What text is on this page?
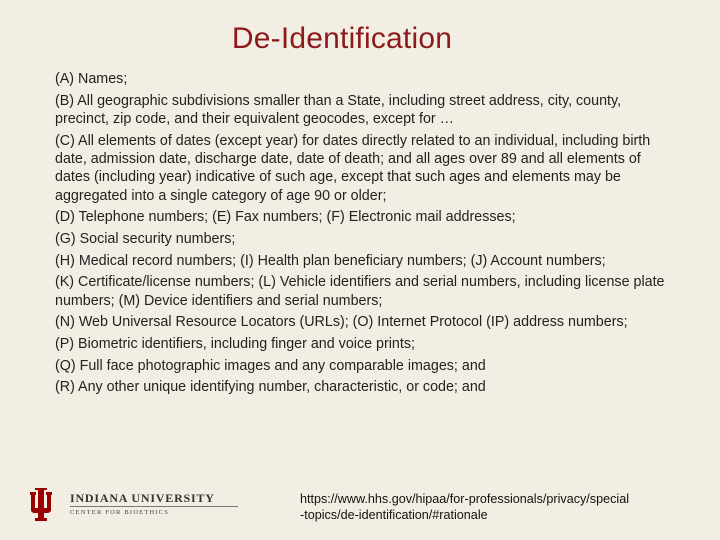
De-Identification
(A) Names;
(B) All geographic subdivisions smaller than a State, including street address, city, county, precinct, zip code, and their equivalent geocodes, except for …
(C) All elements of dates (except year) for dates directly related to an individual, including birth date, admission date, discharge date, date of death; and all ages over 89 and all elements of dates (including year) indicative of such age, except that such ages and elements may be aggregated into a single category of age 90 or older;
(D) Telephone numbers; (E) Fax numbers; (F) Electronic mail addresses;
(G) Social security numbers;
(H) Medical record numbers; (I) Health plan beneficiary numbers; (J) Account numbers;
(K) Certificate/license numbers; (L) Vehicle identifiers and serial numbers, including license plate numbers; (M) Device identifiers and serial numbers;
(N) Web Universal Resource Locators (URLs); (O) Internet Protocol (IP) address numbers;
(P) Biometric identifiers, including finger and voice prints;
(Q) Full face photographic images and any comparable images; and
(R) Any other unique identifying number, characteristic, or code; and
INDIANA UNIVERSITY
CENTER FOR BIOETHICS
https://www.hhs.gov/hipaa/for-professionals/privacy/special
-topics/de-identification/#rationale
